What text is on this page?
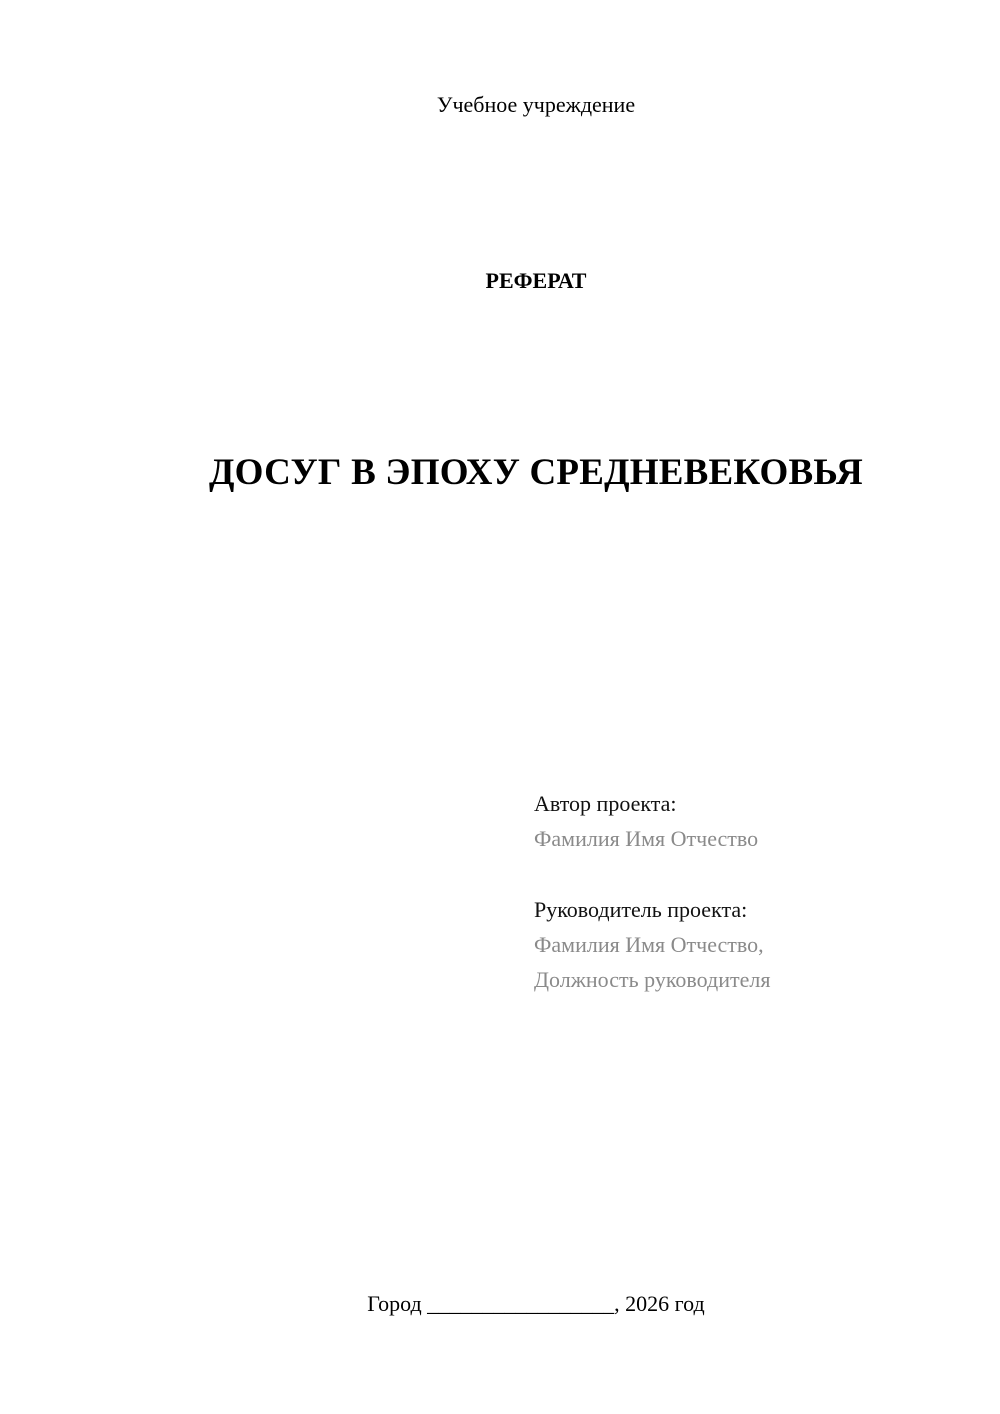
Учебное учреждение
РЕФЕРАТ
ДОСУГ В ЭПОХУ СРЕДНЕВЕКОВЬЯ
Автор проекта:
Фамилия Имя Отчество
Руководитель проекта:
Фамилия Имя Отчество,
Должность руководителя
Город _________________, 2026 год
